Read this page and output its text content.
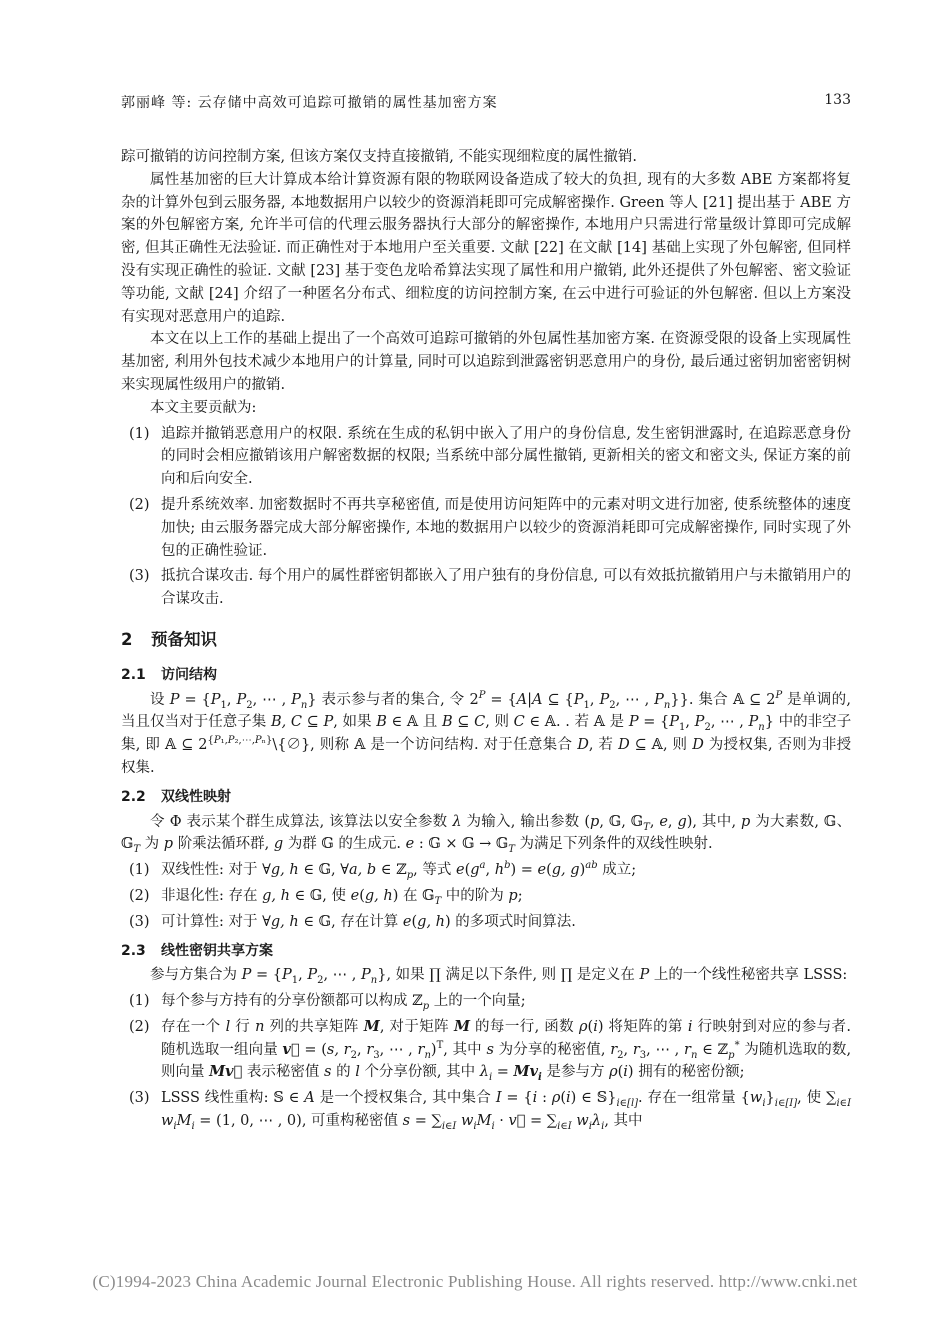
郭丽峰 等: 云存储中高效可追踪可撤销的属性基加密方案	133

踪可撤销的访问控制方案, 但该方案仅支持直接撤销, 不能实现细粒度的属性撤销.

属性基加密的巨大计算成本给计算资源有限的物联网设备造成了较大的负担, 现有的大多数 ABE 方案都将复杂的计算外包到云服务器, 本地数据用户以较少的资源消耗即可完成解密操作. Green 等人 [21] 提出基于 ABE 方案的外包解密方案, 允许半可信的代理云服务器执行大部分的解密操作, 本地用户只需进行常量级计算即可完成解密, 但其正确性无法验证. 而正确性对于本地用户至关重要. 文献 [22] 在文献 [14] 基础上实现了外包解密, 但同样没有实现正确性的验证. 文献 [23] 基于变色龙哈希算法实现了属性和用户撤销, 此外还提供了外包解密、密文验证等功能, 文献 [24] 介绍了一种匿名分布式、细粒度的访问控制方案, 在云中进行可验证的外包解密. 但以上方案没有实现对恶意用户的追踪.

本文在以上工作的基础上提出了一个高效可追踪可撤销的外包属性基加密方案. 在资源受限的设备上实现属性基加密, 利用外包技术减少本地用户的计算量, 同时可以追踪到泄露密钥恶意用户的身份, 最后通过密钥加密密钥树来实现属性级用户的撤销.

本文主要贡献为:

(1) 追踪并撤销恶意用户的权限. 系统在生成的私钥中嵌入了用户的身份信息, 发生密钥泄露时, 在追踪恶意身份的同时会相应撤销该用户解密数据的权限; 当系统中部分属性撤销, 更新相关的密文和密文头, 保证方案的前向和后向安全.
(2) 提升系统效率. 加密数据时不再共享秘密值, 而是使用访问矩阵中的元素对明文进行加密, 使系统整体的速度加快; 由云服务器完成大部分解密操作, 本地的数据用户以较少的资源消耗即可完成解密操作, 同时实现了外包的正确性验证.
(3) 抵抗合谋攻击. 每个用户的属性群密钥都嵌入了用户独有的身份信息, 可以有效抵抗撤销用户与未撤销用户的合谋攻击.
2 预备知识
2.1 访问结构

设 $P = \{P_1$, $P_2$, ⋯ , $P_n$} 表示参与者的集合, 令 $2^P = \{A|A$ ⊆ {$P_1$, $P_2$, ⋯ , $P_n$}}. 集合 𝔸 ⊆ $2^P$ 是单调的, 当且仅当对于任意子集 B, C ⊆ P, 如果 B ∈ 𝔸 且 B ⊆ C, 则 C ∈ 𝔸. . 若 𝔸 是 $P = \{P_1$, $P_2$, ⋯ , $P_n$} 中的非空子集, 即 𝔸 ⊆ $2^{\{P_1,P_2,\cdots,P_n\}}\backslash\{\emptyset\}$, 则称 𝔸 是一个访问结构. 对于任意集合 D, 若 D ⊆ 𝔸, 则 D 为授权集, 否则为非授权集.

2.2 双线性映射

令 Φ 表示某个群生成算法, 该算法以安全参数 λ 为输入, 输出参数 (p, 𝔾, 𝔾$_T$, e, g), 其中, p 为大素数, 𝔾、𝔾$_T$ 为 p 阶乘法循环群, g 为群 𝔾 的生成元. e : 𝔾 × 𝔾 → 𝔾$_T$ 为满足下列条件的双线性映射.

(1) 双线性性: 对于 ∀g, h ∈ 𝔾, ∀a, b ∈ ℤ$_p$, 等式 $e(g^a$, $h^b) = e(g$, g)$^{ab}$ 成立;
(2) 非退化性: 存在 g, h ∈ 𝔾, 使 e(g, h) 在 𝔾$_T$ 中的阶为 p;
(3) 可计算性: 对于 ∀g, h ∈ 𝔾, 存在计算 e(g, h) 的多项式时间算法.
2.3 线性密钥共享方案

参与方集合为 $P = \{P_1$, $P_2$, ⋯ , $P_n$}, 如果 ∏ 满足以下条件, 则 ∏ 是定义在 P 上的一个线性秘密共享 LSSS:

(1) 每个参与方持有的分享份额都可以构成 ℤ$_p$ 上的一个向量;
(2) 存在一个 l 行 n 列的共享矩阵 M, 对于矩阵 M 的每一行, 函数 ρ(i) 将矩阵的第 i 行映射到对应的参与者. 随机选取一组向量 v⃗ = (s, $r_2$, $r_3$, ⋯ , $r_n)^T$, 其中 s 为分享的秘密值, $r_2$, $r_3$, ⋯ , $r_n$ ∈ ℤ$_p$* 为随机选取的数, 则向量 Mv⃗ 表示秘密值 s 的 l 个分享份额, 其中 $\lambda_i = Mv_i$ 是参与方 ρ(i) 拥有的秘密份额;
(3) LSSS 线性重构: 𝕊 ∈ A 是一个授权集合, 其中集合 I = {i : ρ(i) ∈ $𝕊\}_{i\in[l]}$. 存在一组常量 $\{w_i\}_{i\in[I]}$, 使 $\sum_{i\in I}$ $w_iM_i = (1$, 0, ⋯ , 0), 可重构秘密值 $s = \sum_{i\in I}$ $w_iM_i$ · v⃗ = $\sum_{i\in I}$ $w_i\lambda_i$, 其中
(C)1994-2023 China Academic Journal Electronic Publishing House. All rights reserved. http://www.cnki.net
